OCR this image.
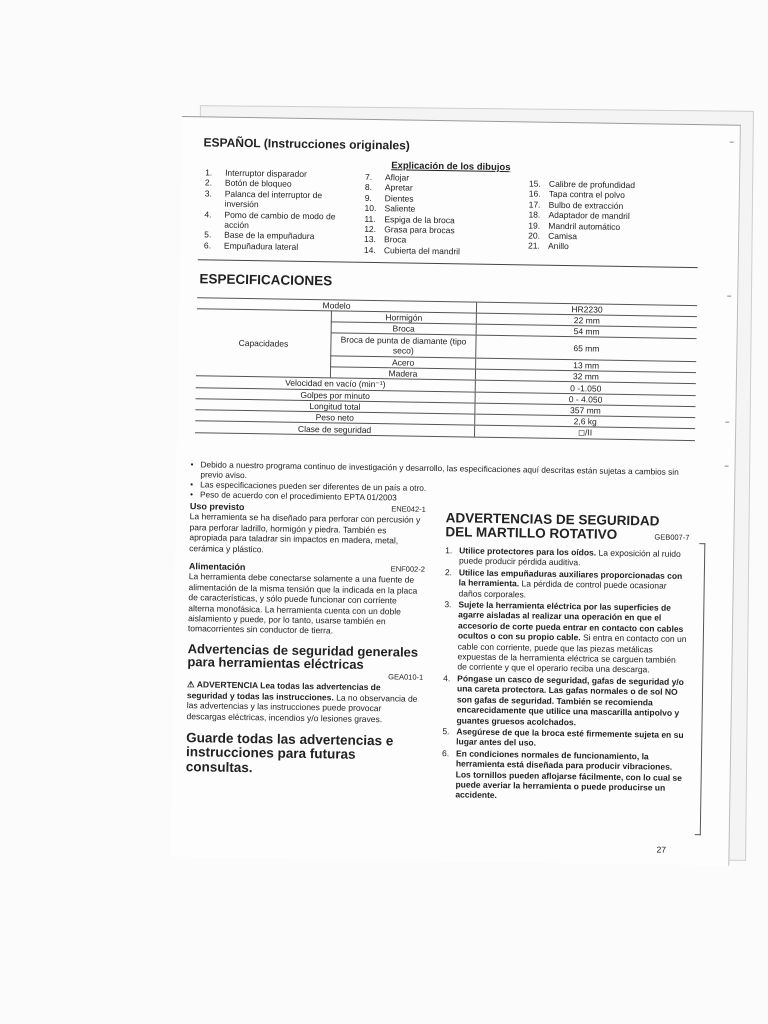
ESPAÑOL (Instrucciones originales)
Explicación de los dibujos
1.	Interruptor disparador
2.	Botón de bloqueo
3.	Palanca del interruptor de inversión
4.	Pomo de cambio de modo de acción
5.	Base de la empuñadura
6.	Empuñadura lateral
7.	Aflojar
8.	Apretar
9.	Dientes
10. Saliente
11.	Espiga de la broca
12. Grasa para brocas
13. Broca
14. Cubierta del mandril
15. Calibre de profundidad
16. Tapa contra el polvo
17. Bulbo de extracción
18. Adaptador de mandril
19. Mandril automático
20. Camisa
21. Anillo
ESPECIFICACIONES
Modelo		HR2230
Capacidades	Hormigón	22 mm
	Broca	54 mm
	Broca de punta de diamante (tipo seco)	65 mm
	Acero	13 mm
	Madera	32 mm
Velocidad en vacío (min⁻¹)		0 -1.050
Golpes por minuto		0 - 4.050
Longitud total		357 mm
Peso neto		2,6 kg
Clase de seguridad		◻/II
• Debido a nuestro programa continuo de investigación y desarrollo, las especificaciones aquí descritas están sujetas a cambios sin previo aviso.
• Las especificaciones pueden ser diferentes de un país a otro.
• Peso de acuerdo con el procedimiento EPTA 01/2003
Uso previsto	ENE042-1
La herramienta se ha diseñado para perforar con percusión y para perforar ladrillo, hormigón y piedra. También es apropiada para taladrar sin impactos en madera, metal, cerámica y plástico.
Alimentación	ENF002-2
La herramienta debe conectarse solamente a una fuente de alimentación de la misma tensión que la indicada en la placa de características, y sólo puede funcionar con corriente alterna monofásica. La herramienta cuenta con un doble aislamiento y puede, por lo tanto, usarse también en tomacorrientes sin conductor de tierra.
Advertencias de seguridad generales para herramientas eléctricas
GEA010-1
⚠ ADVERTENCIA Lea todas las advertencias de seguridad y todas las instrucciones. La no observancia de las advertencias y las instrucciones puede provocar descargas eléctricas, incendios y/o lesiones graves.
Guarde todas las advertencias e instrucciones para futuras consultas.
ADVERTENCIAS DE SEGURIDAD
DEL MARTILLO ROTATIVO	GEB007-7
1. Utilice protectores para los oídos. La exposición al ruido puede producir pérdida auditiva.
2. Utilice las empuñaduras auxiliares proporcionadas con la herramienta. La pérdida de control puede ocasionar daños corporales.
3. Sujete la herramienta eléctrica por las superficies de agarre aisladas al realizar una operación en que el accesorio de corte pueda entrar en contacto con cables ocultos o con su propio cable. Si entra en contacto con un cable con corriente, puede que las piezas metálicas expuestas de la herramienta eléctrica se carguen también de corriente y que el operario reciba una descarga.
4. Póngase un casco de seguridad, gafas de seguridad y/o una careta protectora. Las gafas normales o de sol NO son gafas de seguridad. También se recomienda encarecidamente que utilice una mascarilla antipolvo y guantes gruesos acolchados.
5. Asegúrese de que la broca esté firmemente sujeta en su lugar antes del uso.
6. En condiciones normales de funcionamiento, la herramienta está diseñada para producir vibraciones. Los tornillos pueden aflojarse fácilmente, con lo cual se puede averiar la herramienta o puede producirse un accidente.
27
